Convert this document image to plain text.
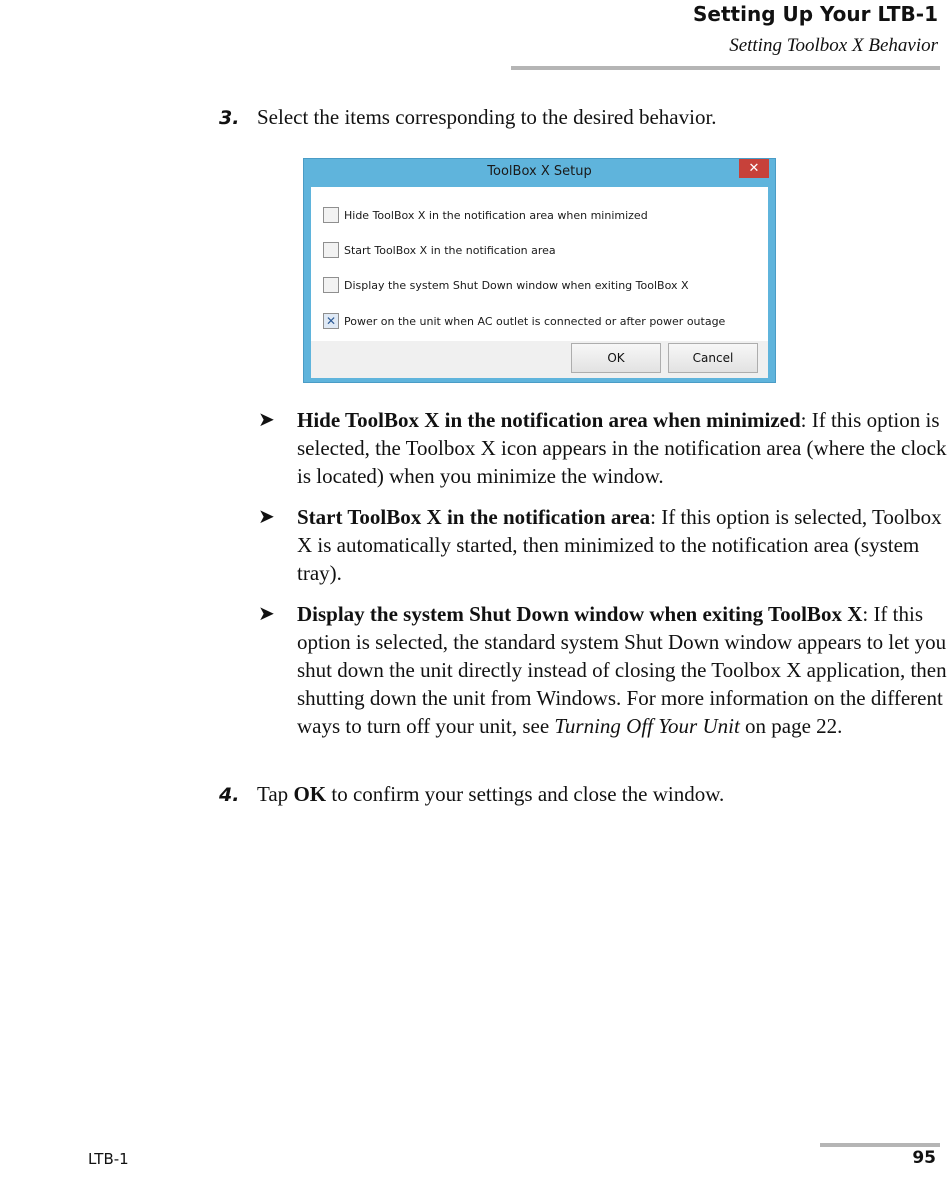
Setting Up Your LTB-1
Setting Toolbox X Behavior
3. Select the items corresponding to the desired behavior.
ToolBox X Setup	✕
Hide ToolBox X in the notification area when minimized
Start ToolBox X in the notification area
Display the system Shut Down window when exiting ToolBox X
✕ Power on the unit when AC outlet is connected or after power outage
OK	Cancel
➤ Hide ToolBox X in the notification area when minimized: If this option is selected, the Toolbox X icon appears in the notification area (where the clock is located) when you minimize the window.
➤ Start ToolBox X in the notification area: If this option is selected, Toolbox X is automatically started, then minimized to the notification area (system tray).
➤ Display the system Shut Down window when exiting ToolBox X: If this option is selected, the standard system Shut Down window appears to let you shut down the unit directly instead of closing the Toolbox X application, then shutting down the unit from Windows. For more information on the different ways to turn off your unit, see Turning Off Your Unit on page 22.
4. Tap OK to confirm your settings and close the window.
LTB-1	95
